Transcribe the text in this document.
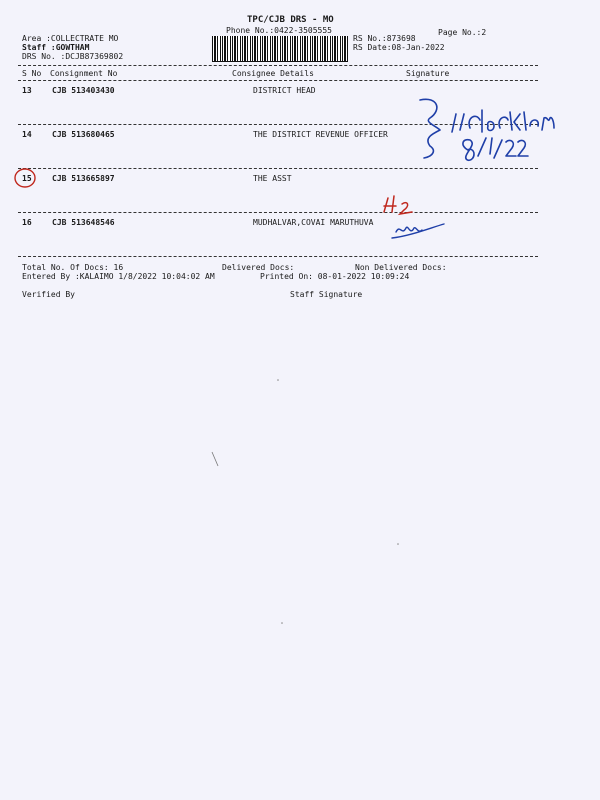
TPC/CJB DRS - MO
Phone No.:0422-3505555	Page No.:2
Area :COLLECTRATE MO
Staff :GOWTHAM
DRS No. :DCJB87369802
RS No.:873698
RS Date:08-Jan-2022
S No Consignment No	Consignee Details	Signature
13	CJB 513403430	DISTRICT HEAD
14	CJB 513680465	THE DISTRICT REVENUE OFFICER
15	CJB 513665897	THE ASST
16	CJB 513648546	MUDHALVAR,COVAI MARUTHUVA
Total No. Of Docs: 16	Delivered Docs:	Non Delivered Docs:
Entered By :KALAIMO 1/8/2022 10:04:02 AM	Printed On: 08-01-2022 10:09:24
Verified By	Staff Signature
